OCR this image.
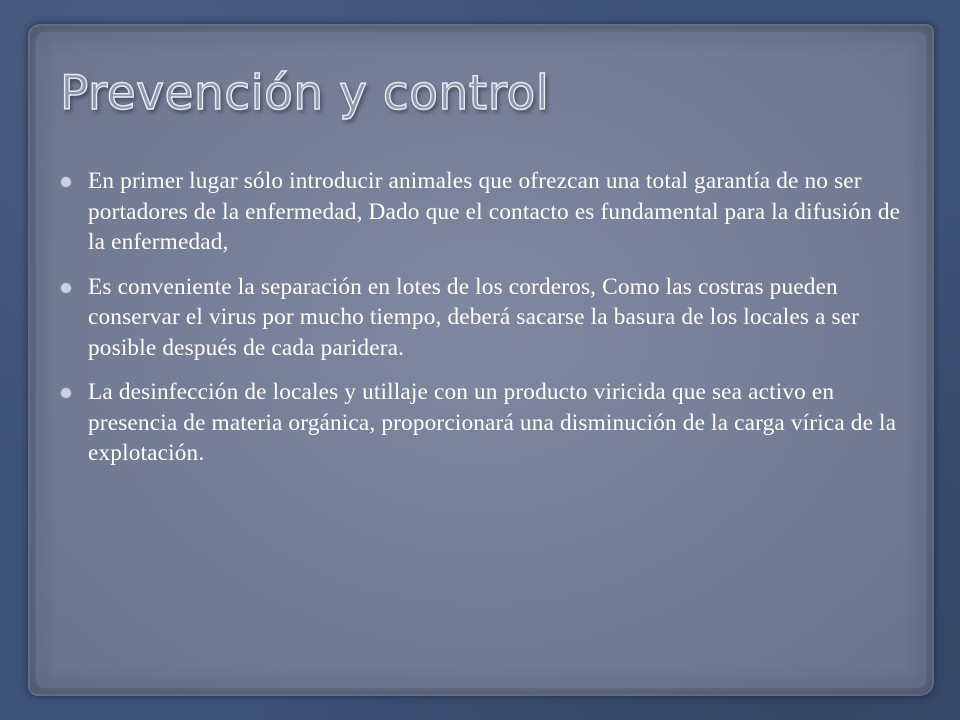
Prevención y control
En primer lugar sólo introducir animales que ofrezcan una total garantía de no ser portadores de la enfermedad, Dado que el contacto es fundamental para la difusión de la enfermedad,
Es conveniente la separación en lotes de los corderos, Como las costras pueden conservar el virus por mucho tiempo, deberá sacarse la basura de los locales a ser posible después de cada paridera.
La desinfección de locales y utillaje con un producto viricida que sea activo en presencia de materia orgánica, proporcionará una disminución de la carga vírica de la explotación.
